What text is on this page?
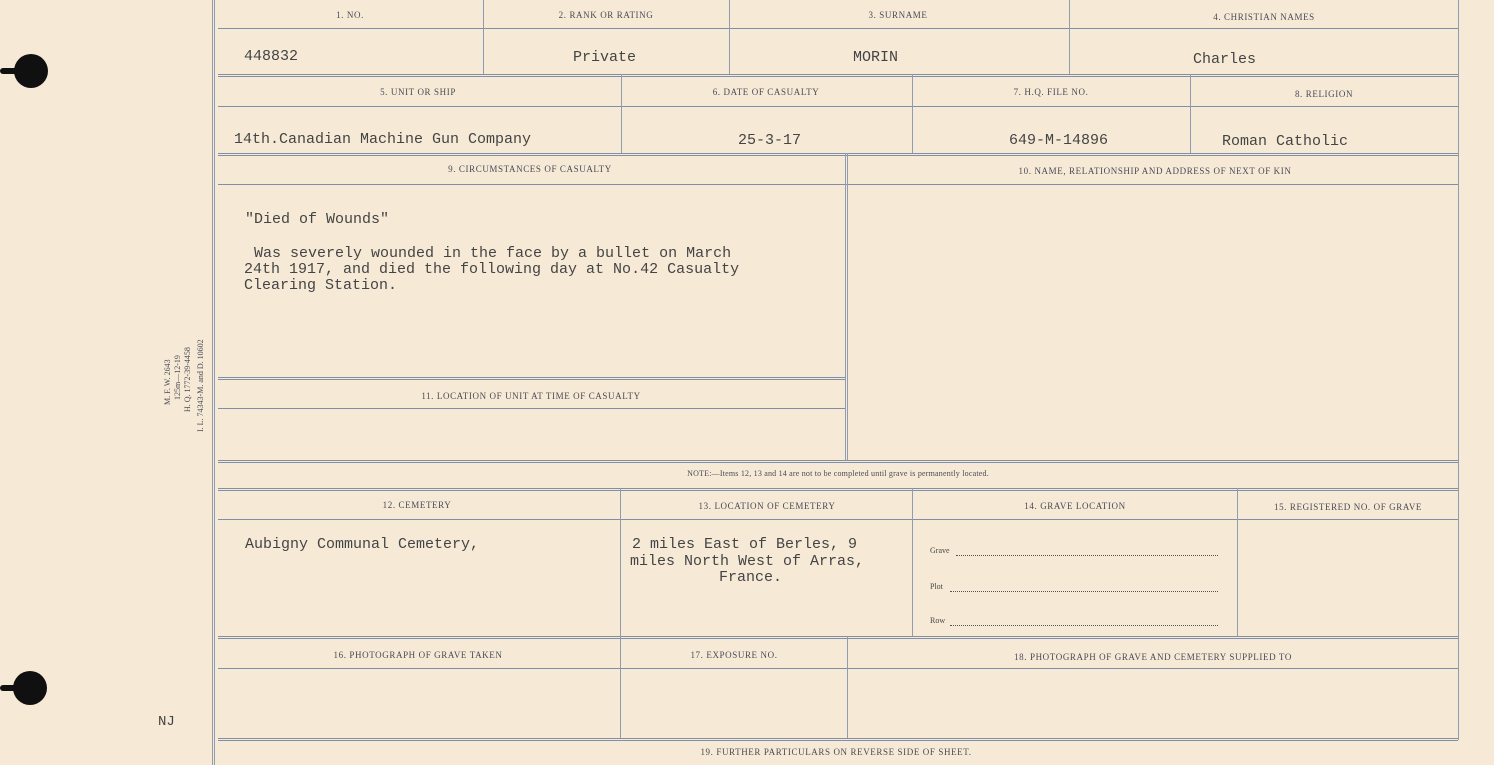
M. F. W. 2643 125m—12-19 H. Q. 1772-39-4458 I. L. 74343-M. and D. 10602
NJ
1. NO.	2. RANK OR RATING	3. SURNAME	4. CHRISTIAN NAMES
448832	Private	MORIN	Charles
5. UNIT OR SHIP	6. DATE OF CASUALTY	7. H.Q. FILE NO.	8. RELIGION
14th.Canadian Machine Gun Company	25-3-17	649-M-14896	Roman Catholic
9. CIRCUMSTANCES OF CASUALTY	10. NAME, RELATIONSHIP AND ADDRESS OF NEXT OF KIN
"Died of Wounds"
Was severely wounded in the face by a bullet on March
24th 1917, and died the following day at No.42 Casualty
Clearing Station.
11. LOCATION OF UNIT AT TIME OF CASUALTY
NOTE:—Items 12, 13 and 14 are not to be completed until grave is permanently located.
12. CEMETERY	13. LOCATION OF CEMETERY	14. GRAVE LOCATION	15. REGISTERED NO. OF GRAVE
Aubigny Communal Cemetery,	2 miles East of Berles, 9
miles North West of Arras,
France.
Grave
Plot
Row
16. PHOTOGRAPH OF GRAVE TAKEN	17. EXPOSURE NO.	18. PHOTOGRAPH OF GRAVE AND CEMETERY SUPPLIED TO
19. FURTHER PARTICULARS ON REVERSE SIDE OF SHEET.
